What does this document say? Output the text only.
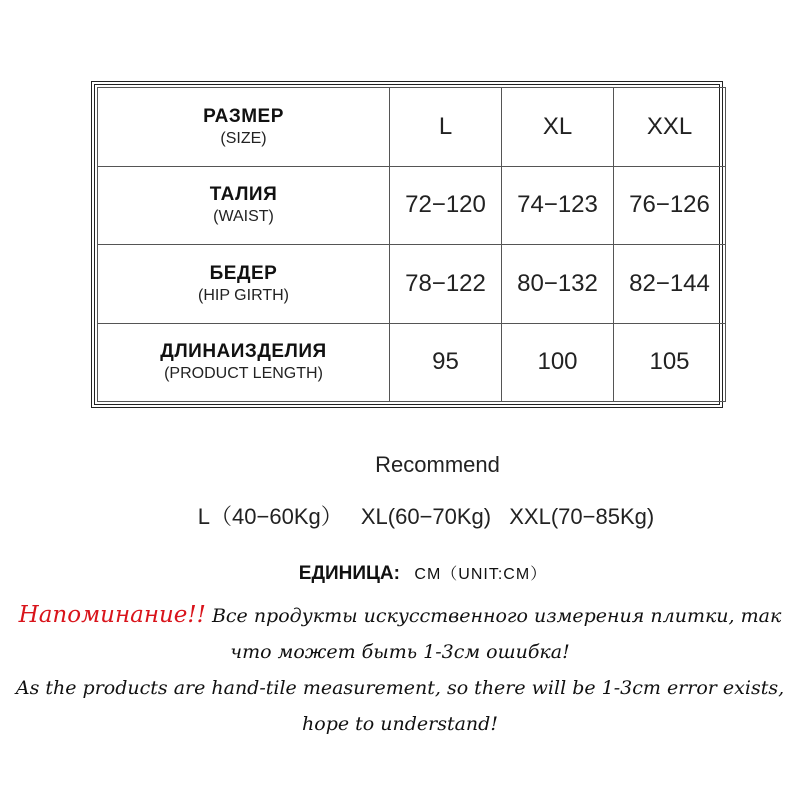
РАЗМЕР
(SIZE)	L	XL	XXL

ТАЛИЯ
(WAIST)	72−120	74−123	76−126

БЕДЕР
(HIP GIRTH)	78−122	80−132	82−144

ДЛИНАИЗДЕЛИЯ
(PRODUCT LENGTH)	95	100	105
Recommend
L（40−60Kg） XL(60−70Kg) XXL(70−85Kg)
ЕДИНИЦА: CM（UNIT:CM）
Напоминание!! Все продукты искусственного измерения плитки, так что может быть 1-3см ошибка!
As the products are hand-tile measurement, so there will be 1-3cm error exists, hope to understand!
